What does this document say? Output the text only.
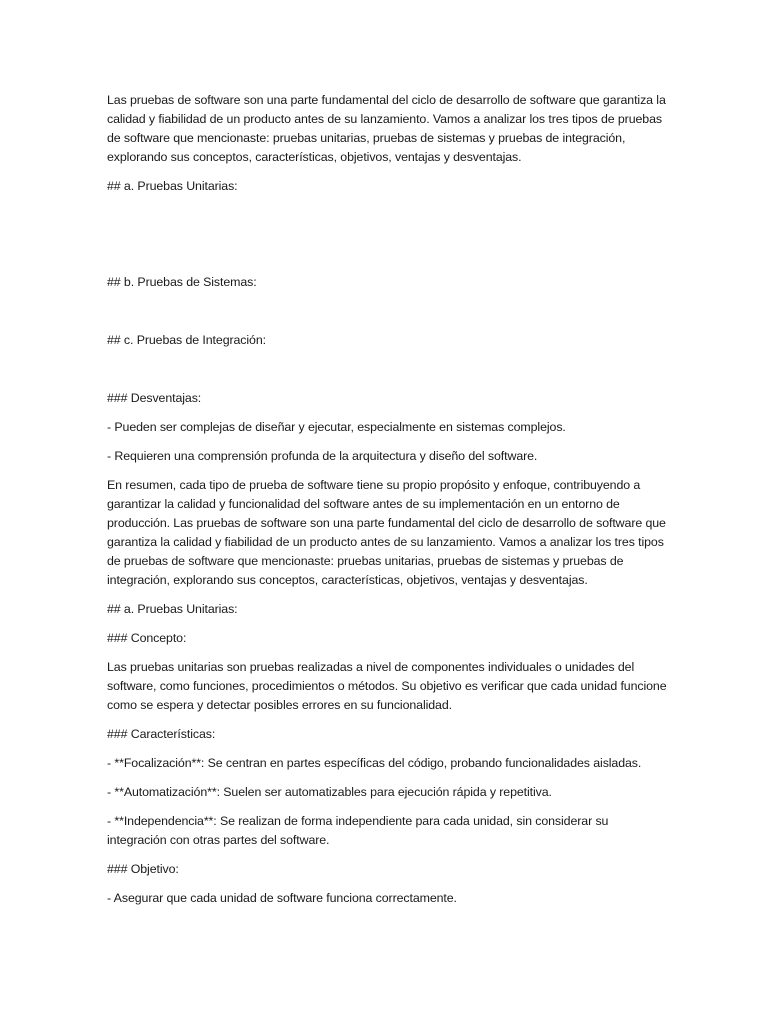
Las pruebas de software son una parte fundamental del ciclo de desarrollo de software que garantiza la calidad y fiabilidad de un producto antes de su lanzamiento. Vamos a analizar los tres tipos de pruebas de software que mencionaste: pruebas unitarias, pruebas de sistemas y pruebas de integración, explorando sus conceptos, características, objetivos, ventajas y desventajas.

## a. Pruebas Unitarias:

## b. Pruebas de Sistemas:

## c. Pruebas de Integración:

### Desventajas:

- Pueden ser complejas de diseñar y ejecutar, especialmente en sistemas complejos.

- Requieren una comprensión profunda de la arquitectura y diseño del software.

En resumen, cada tipo de prueba de software tiene su propio propósito y enfoque, contribuyendo a garantizar la calidad y funcionalidad del software antes de su implementación en un entorno de producción. Las pruebas de software son una parte fundamental del ciclo de desarrollo de software que garantiza la calidad y fiabilidad de un producto antes de su lanzamiento. Vamos a analizar los tres tipos de pruebas de software que mencionaste: pruebas unitarias, pruebas de sistemas y pruebas de integración, explorando sus conceptos, características, objetivos, ventajas y desventajas.

## a. Pruebas Unitarias:

### Concepto:

Las pruebas unitarias son pruebas realizadas a nivel de componentes individuales o unidades del software, como funciones, procedimientos o métodos. Su objetivo es verificar que cada unidad funcione como se espera y detectar posibles errores en su funcionalidad.

### Características:

- **Focalización**: Se centran en partes específicas del código, probando funcionalidades aisladas.

- **Automatización**: Suelen ser automatizables para ejecución rápida y repetitiva.

- **Independencia**: Se realizan de forma independiente para cada unidad, sin considerar su integración con otras partes del software.

### Objetivo:

- Asegurar que cada unidad de software funciona correctamente.
